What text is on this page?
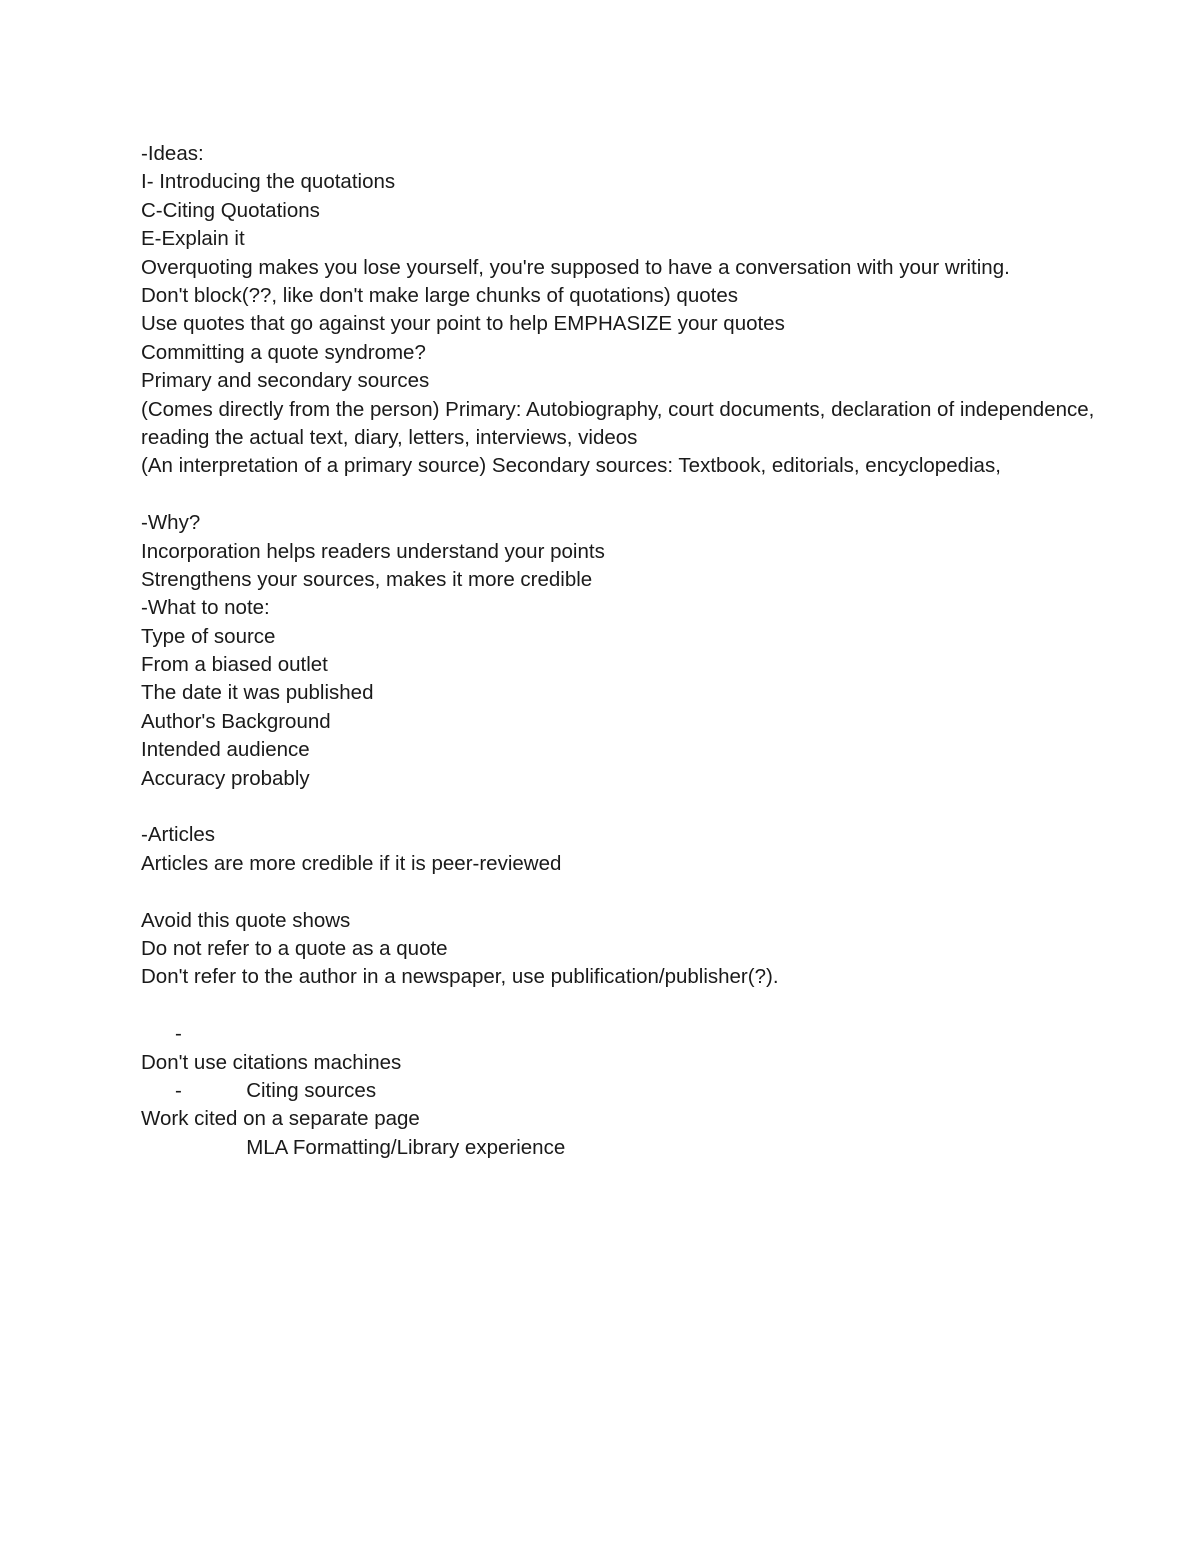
-Ideas:
I- Introducing the quotations
C-Citing Quotations
E-Explain it
Overquoting makes you lose yourself, you're supposed to have a conversation with your writing.
Don't block(??, like don't make large chunks of quotations) quotes
Use quotes that go against your point to help EMPHASIZE your quotes
Committing a quote syndrome?
Primary and secondary sources
(Comes directly from the person) Primary: Autobiography, court documents, declaration of independence, reading the actual text, diary, letters, interviews, videos
(An interpretation of a primary source) Secondary sources: Textbook, editorials, encyclopedias,
-Why?
Incorporation helps readers understand your points
Strengthens your sources, makes it more credible
-What to note:
Type of source
From a biased outlet
The date it was published
Author's Background
Intended audience
Accuracy probably
-Articles
Articles are more credible if it is peer-reviewed
Avoid this quote shows
Do not refer to a quote as a quote
Don't refer to the author in a newspaper, use publification/publisher(?).

-

Citing sources

Don't use citations machines

-

MLA Formatting/Library experience

Work cited on a separate page
